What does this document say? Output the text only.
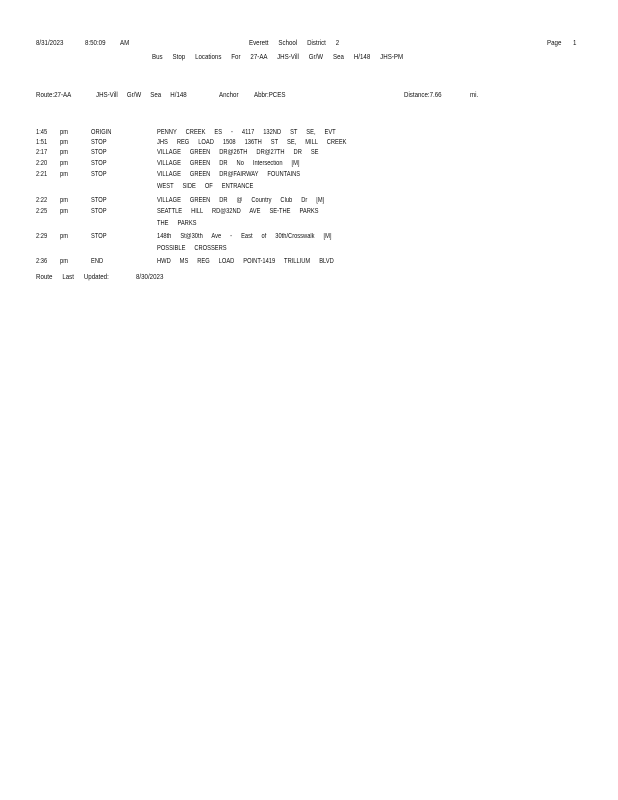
8/31/2023	8:50:09 AM	Everett School District 2	Page 1
Bus Stop Locations For 27-AA JHS-Vill Gr/W Sea H/148 JHS-PM
Route:27-AA	JHS-Vill Gr/W Sea H/148	Anchor Abbr:PCES	Distance:7.66	mi.
1:45 pm	ORIGIN	PENNY CREEK ES - 4117 132ND ST SE, EVT
1:51 pm	STOP	JHS REG LOAD 1508 136TH ST SE, MILL CREEK
2:17 pm	STOP	VILLAGE GREEN DR@26TH DR@27TH DR SE
2:20 pm	STOP	VILLAGE GREEN DR No Intersection [M]
2:21 pm	STOP	VILLAGE GREEN DR@FAIRWAY FOUNTAINS
WEST SIDE OF ENTRANCE
2:22 pm	STOP	VILLAGE GREEN DR @ Country Club Dr [M]
2:25 pm	STOP	SEATTLE HILL RD@32ND AVE SE-THE PARKS
THE PARKS
2:29 pm	STOP	148th St@30th Ave - East of 30th/Crosswalk [M]
POSSIBLE CROSSERS
2:36 pm	END	HWD MS REG LOAD POINT-1419 TRILLIUM BLVD
Route Last Updated:	8/30/2023
